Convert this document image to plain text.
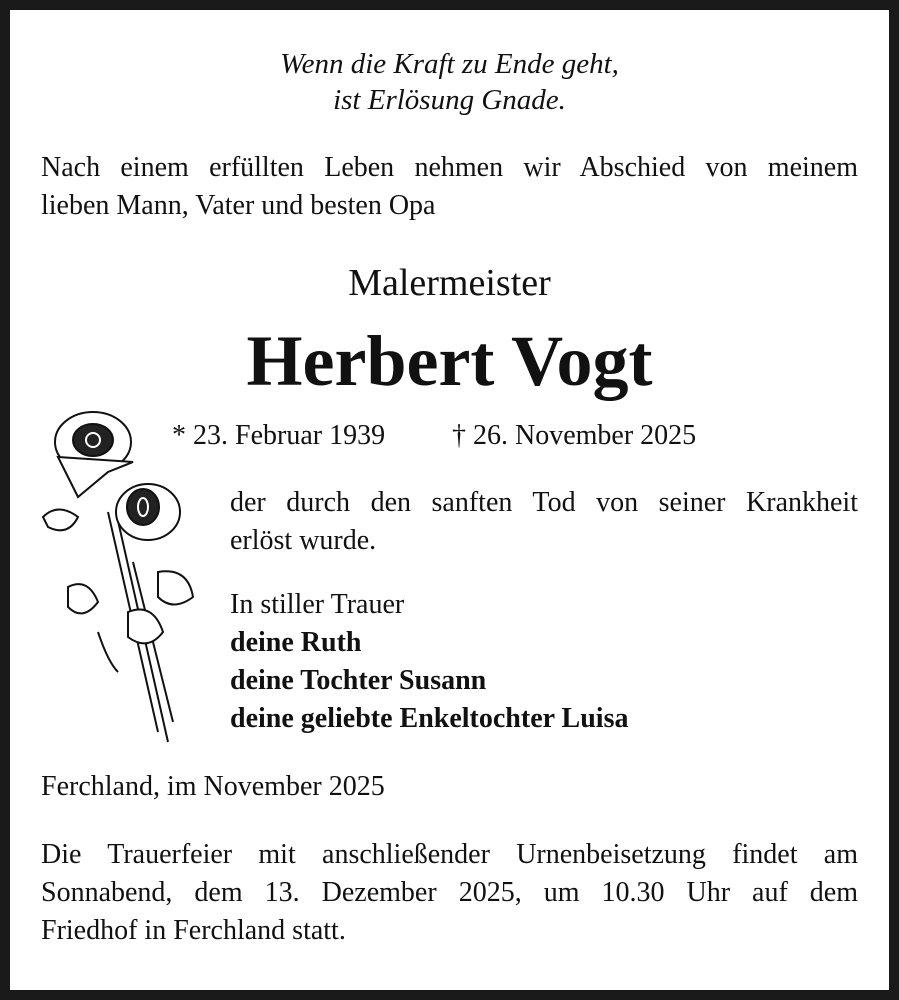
Wenn die Kraft zu Ende geht,
ist Erlösung Gnade.
Nach einem erfüllten Leben nehmen wir Abschied von meinem
lieben Mann, Vater und besten Opa
Malermeister
Herbert Vogt
* 23. Februar 1939 † 26. November 2025
der durch den sanften Tod von seiner Krankheit
erlöst wurde.
In stiller Trauer
deine Ruth
deine Tochter Susann
deine geliebte Enkeltochter Luisa
Ferchland, im November 2025
Die Trauerfeier mit anschließender Urnenbeisetzung findet am
Sonnabend, dem 13. Dezember 2025, um 10.30 Uhr auf dem
Friedhof in Ferchland statt.
